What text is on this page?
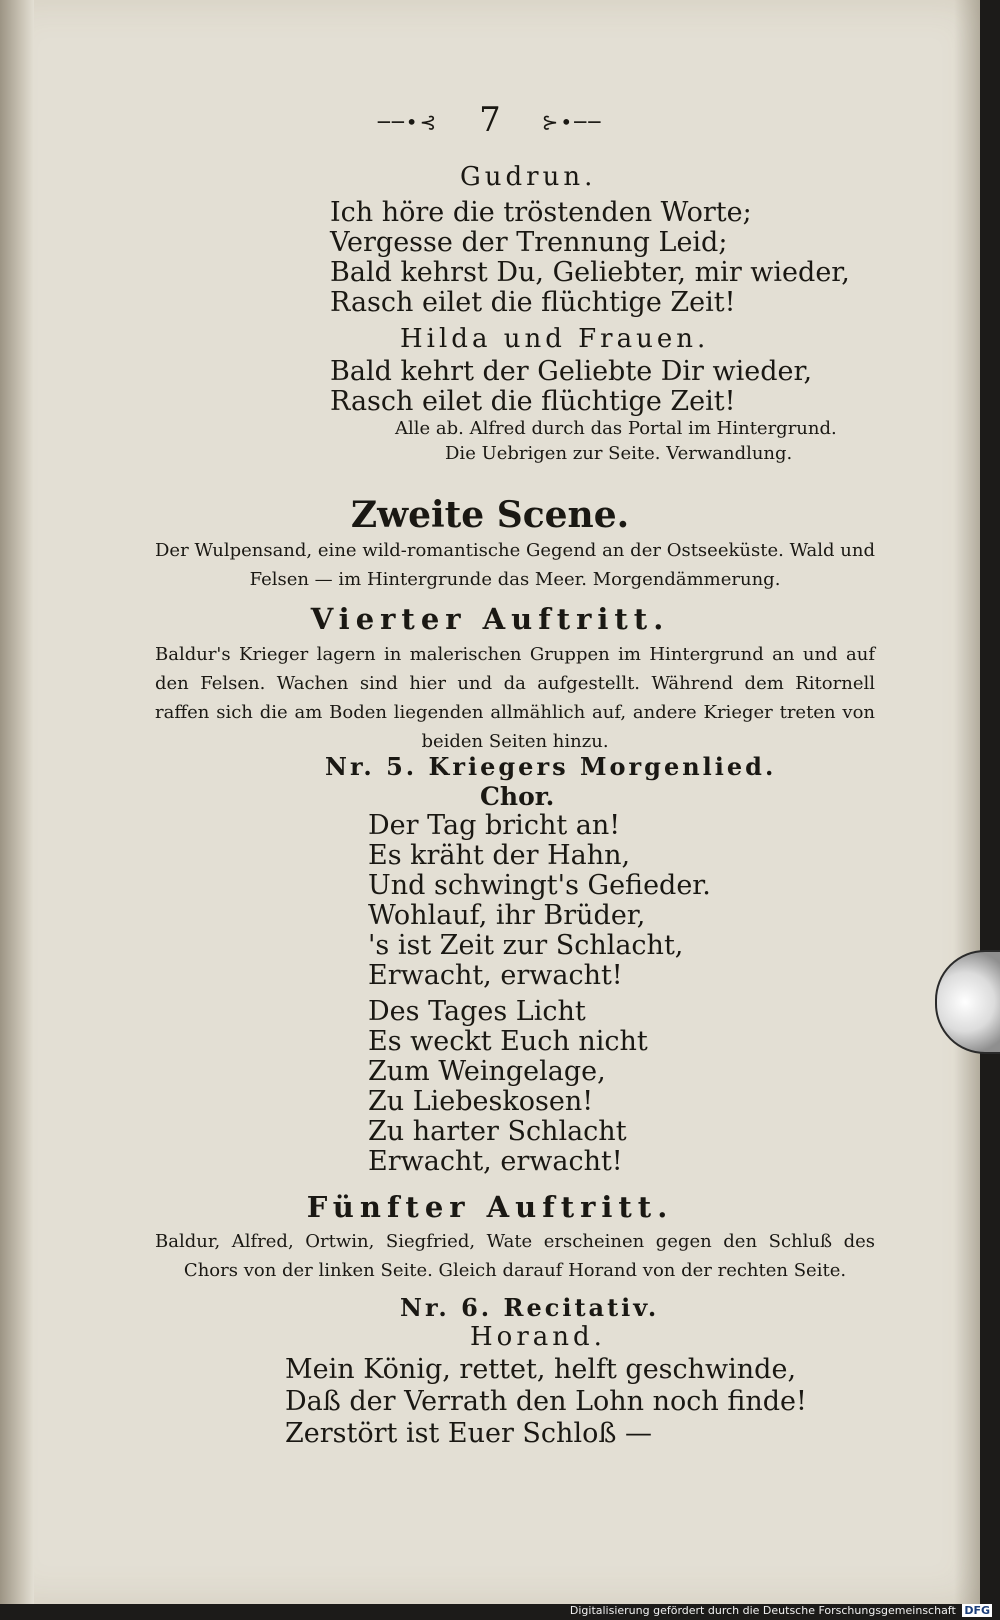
──•⊰ 7 ⊱•──
Gudrun.
Ich höre die tröstenden Worte;
Vergesse der Trennung Leid;
Bald kehrst Du, Geliebter, mir wieder,
Rasch eilet die flüchtige Zeit!
Hilda und Frauen.
Bald kehrt der Geliebte Dir wieder,
Rasch eilet die flüchtige Zeit!
Alle ab. Alfred durch das Portal im Hintergrund.
Die Uebrigen zur Seite. Verwandlung.
Zweite Scene.
Der Wulpensand, eine wild-romantische Gegend an der Ostseeküste. Wald und Felsen — im Hintergrunde das Meer. Morgendämmerung.
Vierter Auftritt.
Baldur's Krieger lagern in malerischen Gruppen im Hintergrund an und auf den Felsen. Wachen sind hier und da aufgestellt. Während dem Ritornell raffen sich die am Boden liegenden allmählich auf, andere Krieger treten von beiden Seiten hinzu.
Nr. 5. Kriegers Morgenlied.
Chor.
Der Tag bricht an!
Es kräht der Hahn,
Und schwingt's Gefieder.
Wohlauf, ihr Brüder,
's ist Zeit zur Schlacht,
Erwacht, erwacht!
Des Tages Licht
Es weckt Euch nicht
Zum Weingelage,
Zu Liebeskosen!
Zu harter Schlacht
Erwacht, erwacht!
Fünfter Auftritt.
Baldur, Alfred, Ortwin, Siegfried, Wate erscheinen gegen den Schluß des Chors von der linken Seite. Gleich darauf Horand von der rechten Seite.
Nr. 6. Recitativ.
Horand.
Mein König, rettet, helft geschwinde,
Daß der Verrath den Lohn noch finde!
Zerstört ist Euer Schloß —
Digitalisierung gefördert durch die Deutsche Forschungsgemeinschaft DFG
